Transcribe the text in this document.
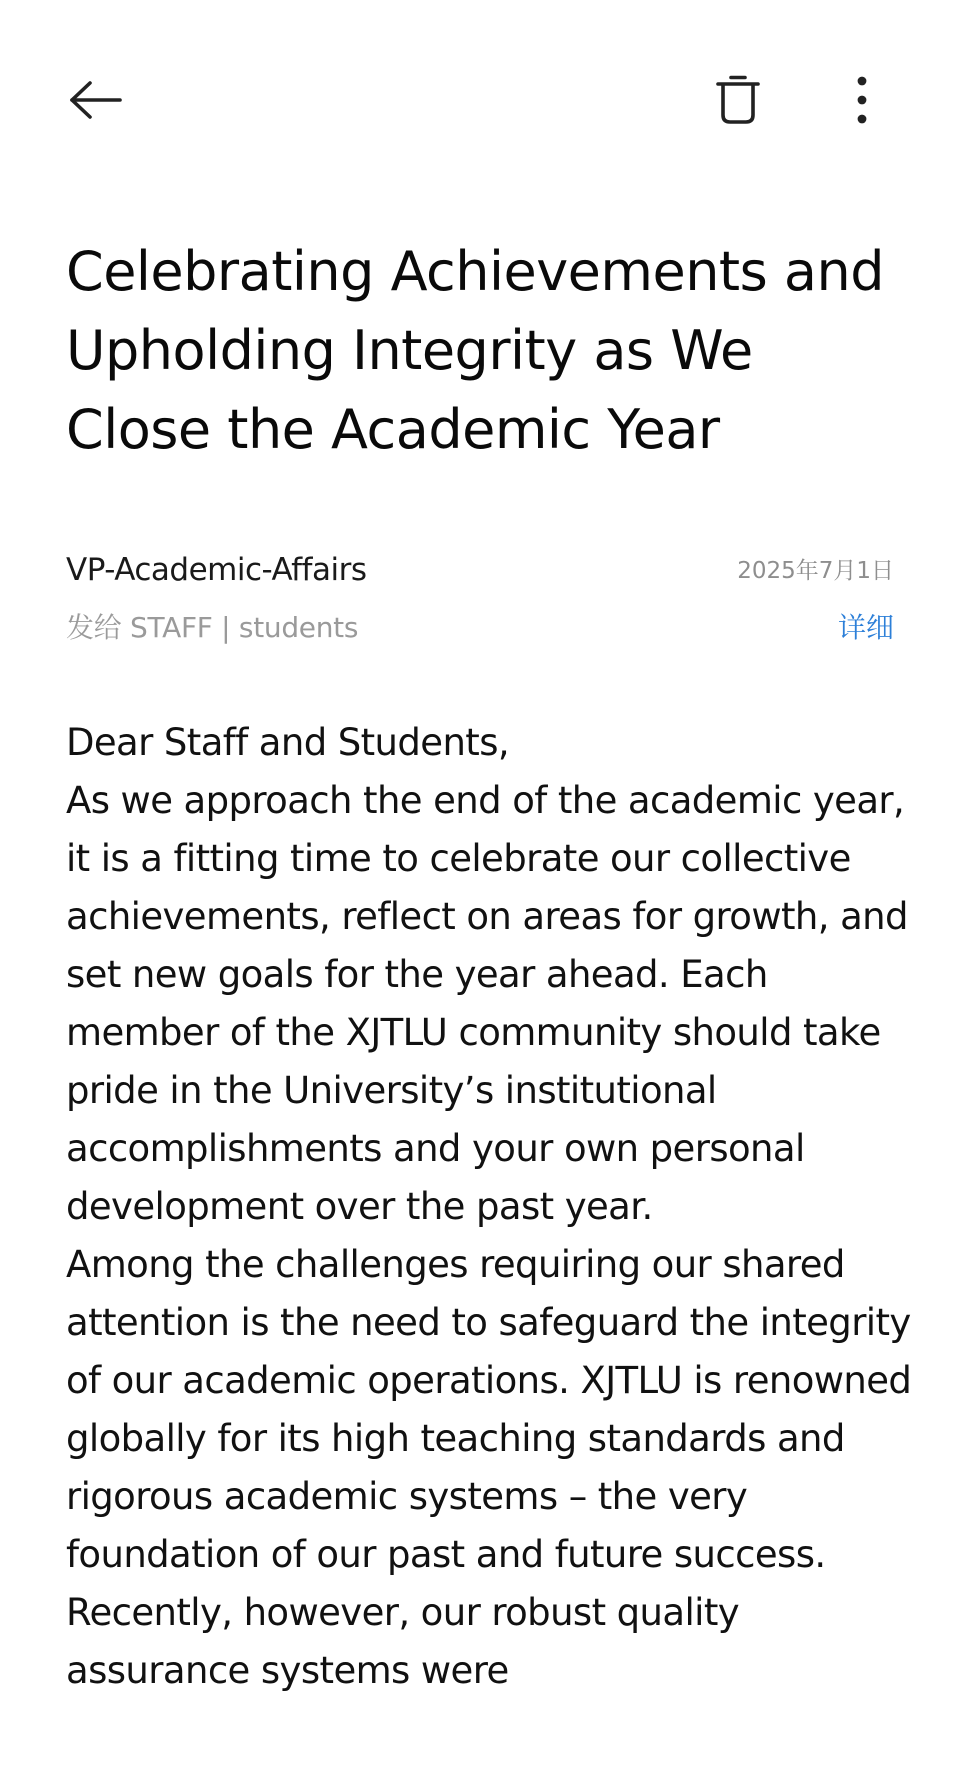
Celebrating Achievements and Upholding Integrity as We Close the Academic Year
VP-Academic-Affairs	2025年7月1日
发给 STAFF | students	详细
Dear Staff and Students,
As we approach the end of the academic year, it is a fitting time to celebrate our collective achievements, reflect on areas for growth, and set new goals for the year ahead. Each member of the XJTLU community should take pride in the University’s institutional accomplishments and your own personal development over the past year.
Among the challenges requiring our shared attention is the need to safeguard the integrity of our academic operations. XJTLU is renowned globally for its high teaching standards and rigorous academic systems – the very foundation of our past and future success. Recently, however, our robust quality assurance systems were
